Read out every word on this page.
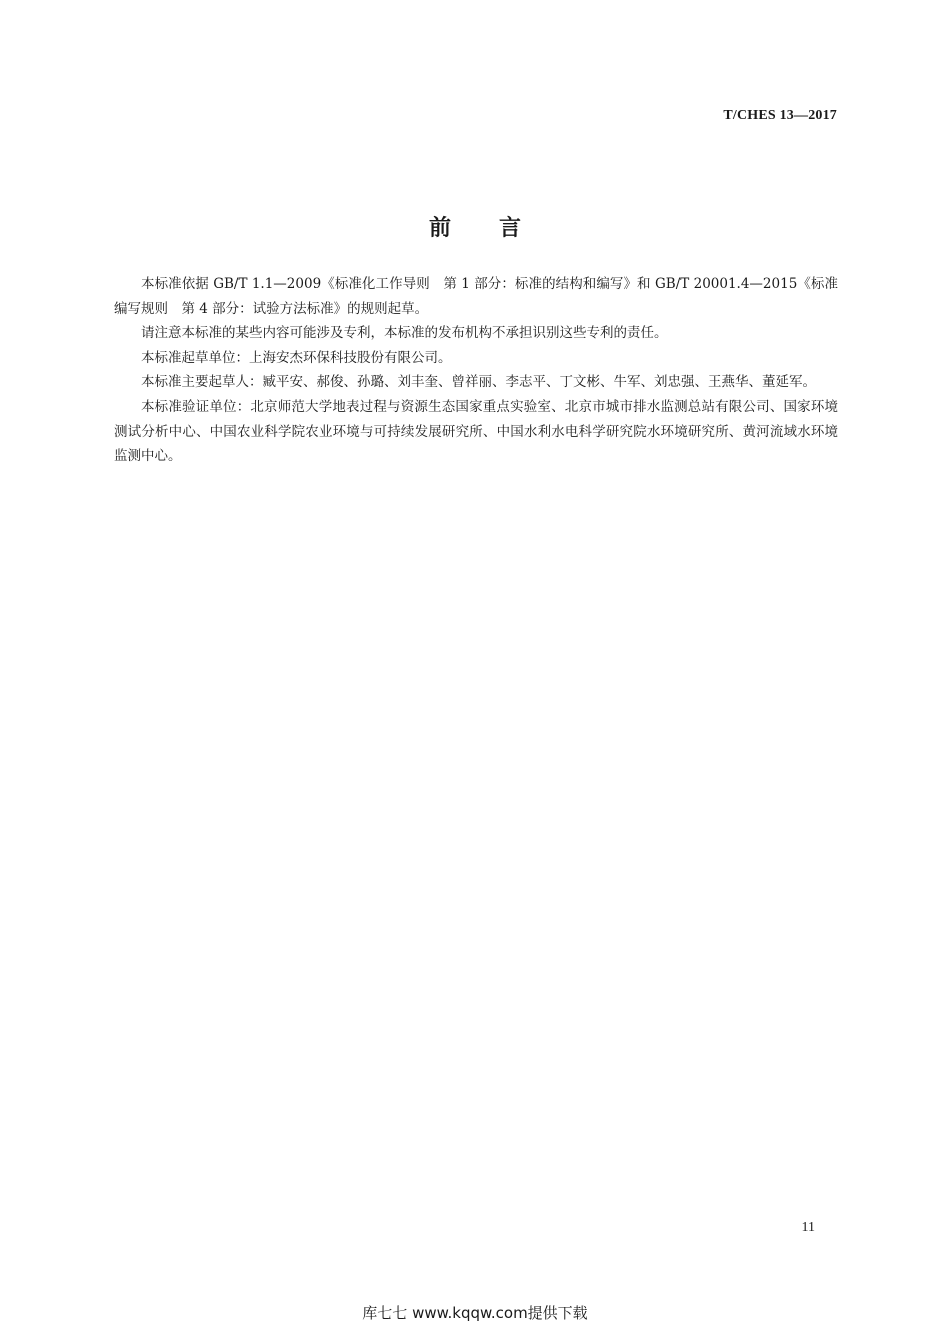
T/CHES 13—2017
前言

本标准依据 GB/T 1.1—2009《标准化工作导则　第 1 部分：标准的结构和编写》和 GB/T 20001.4—2015《标准编写规则　第 4 部分：试验方法标准》的规则起草。

请注意本标准的某些内容可能涉及专利，本标准的发布机构不承担识别这些专利的责任。

本标准起草单位：上海安杰环保科技股份有限公司。

本标准主要起草人：臧平安、郝俊、孙璐、刘丰奎、曾祥丽、李志平、丁文彬、牛军、刘忠强、王燕华、董延军。

本标准验证单位：北京师范大学地表过程与资源生态国家重点实验室、北京市城市排水监测总站有限公司、国家环境测试分析中心、中国农业科学院农业环境与可持续发展研究所、中国水利水电科学研究院水环境研究所、黄河流域水环境监测中心。

11
库七七 www.kqqw.com提供下载
